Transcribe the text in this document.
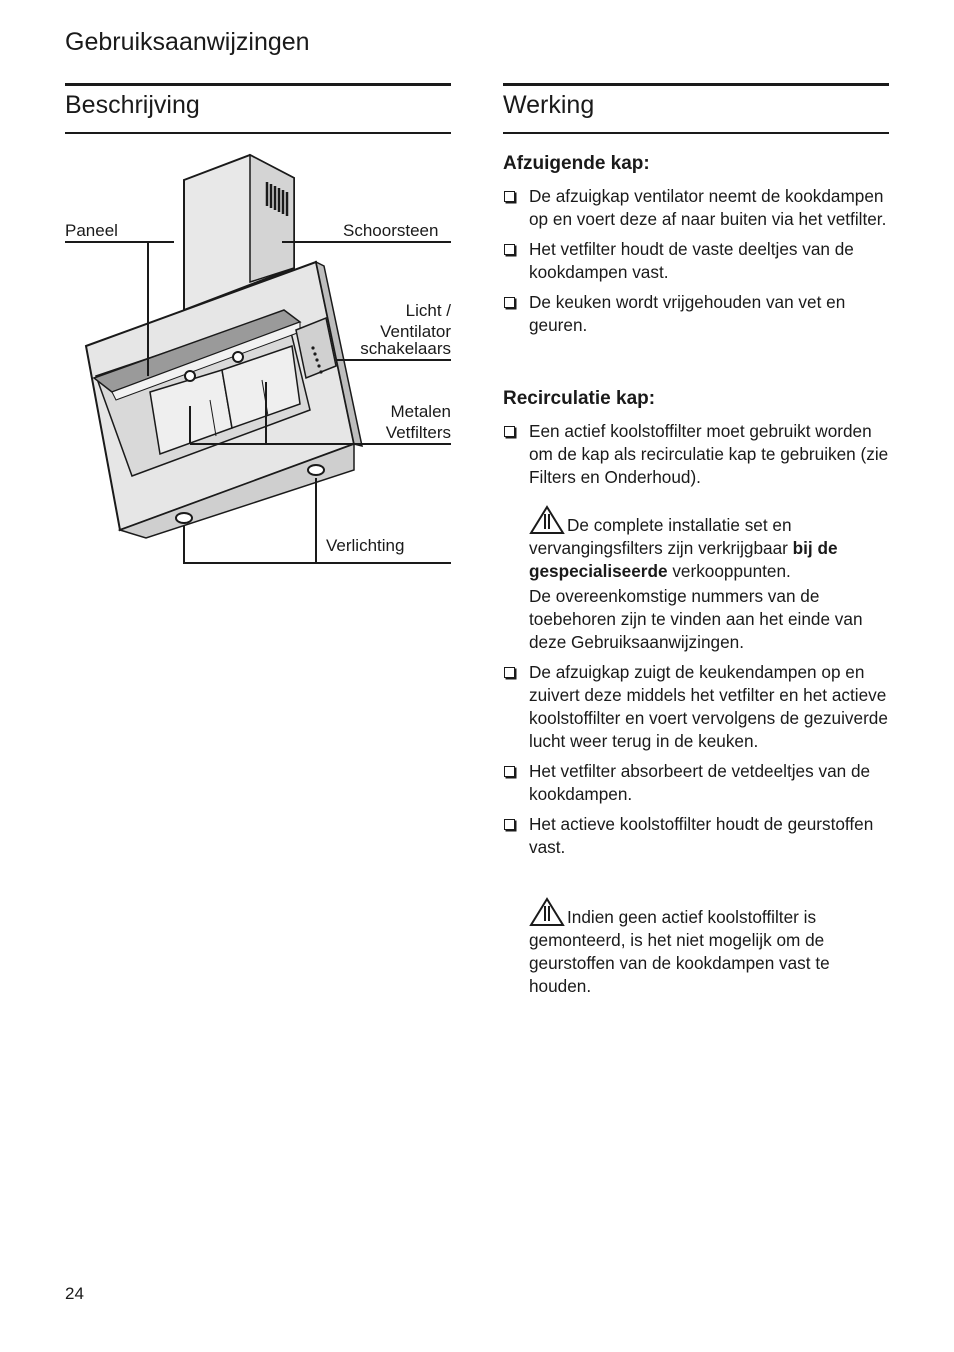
Gebruiksaanwijzingen
Beschrijving
Paneel	Schoorsteen
Licht /
Ventilator
schakelaars
Metalen
Vetfilters
Verlichting
Werking
Afzuigende kap:
De afzuigkap ventilator neemt de kookdampen op en voert deze af naar buiten via het vetfilter.
Het vetfilter houdt de vaste deeltjes van de kookdampen vast.
De keuken wordt vrijgehouden van vet en geuren.
Recirculatie kap:
Een actief koolstoffilter moet gebruikt worden om de kap als recirculatie kap te gebruiken (zie Filters en Onderhoud).
De complete installatie set en vervangingsfilters zijn verkrijgbaar bij de gespecialiseerde verkooppunten.
De overeenkomstige nummers van de toebehoren zijn te vinden aan het einde van deze Gebruiksaanwijzingen.
De afzuigkap zuigt de keukendampen op en zuivert deze middels het vetfilter en het actieve koolstoffilter en voert vervolgens de gezuiverde lucht weer terug in de keuken.
Het vetfilter absorbeert de vetdeeltjes van de kookdampen.
Het actieve koolstoffilter houdt de geurstoffen vast.
Indien geen actief koolstoffilter is gemonteerd, is het niet mogelijk om de geurstoffen van de kookdampen vast te houden.
24
